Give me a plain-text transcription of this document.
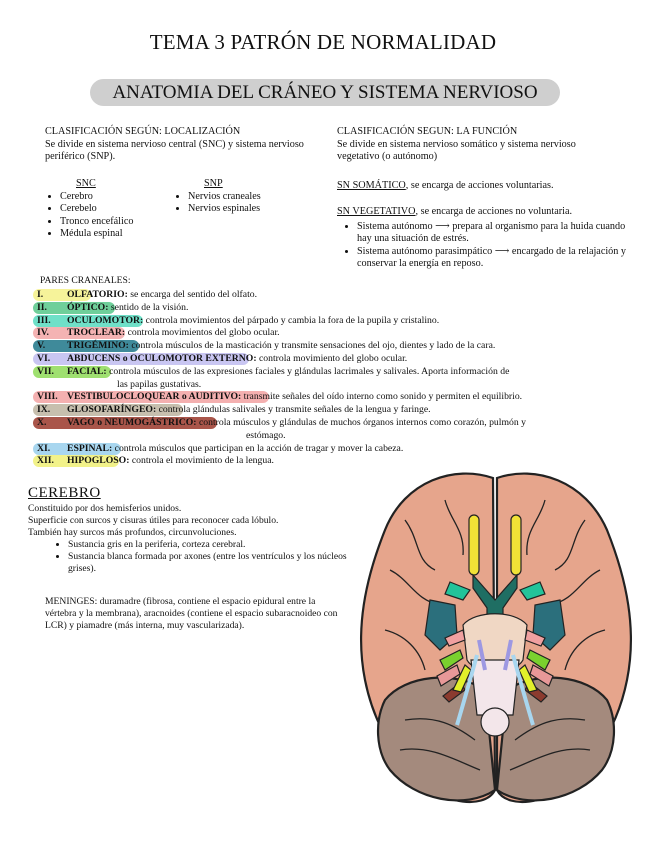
TEMA 3 PATRÓN DE NORMALIDAD
ANATOMIA DEL CRÁNEO Y SISTEMA NERVIOSO
CLASIFICACIÓN SEGÚN: LOCALIZACIÓN
Se divide en sistema nervioso central (SNC) y sistema nervioso periférico (SNP).
SNC
• Cerebro
• Cerebelo
• Tronco encefálico
• Médula espinal
SNP
• Nervios craneales
• Nervios espinales
CLASIFICACIÓN SEGUN: LA FUNCIÓN
Se divide en sistema nervioso somático y sistema nervioso vegetativo (o autónomo)
SN SOMÁTICO, se encarga de acciones voluntarias.
SN VEGETATIVO, se encarga de acciones no voluntaria.
• Sistema autónomo ⟶ prepara al organismo para la huida cuando hay una situación de estrés.
• Sistema autónomo parasimpático ⟶ encargado de la relajación y conservar la energía en reposo.
PARES CRANEALES:
I. OLFATORIO: se encarga del sentido del olfato.
II. ÓPTICO: sentido de la visión.
III. OCULOMOTOR: controla movimientos del párpado y cambia la fora de la pupila y cristalino.
IV. TROCLEAR: controla movimientos del globo ocular.
V. TRIGÉMINO: controla músculos de la masticación y transmite sensaciones del ojo, dientes y lado de la cara.
VI. ABDUCENS o OCULOMOTOR EXTERNO: controla movimiento del globo ocular.
VII. FACIAL: controla músculos de las expresiones faciales y glándulas lacrimales y salivales. Aporta información de
las papilas gustativas.
VIII. VESTIBULOCLOQUEAR o AUDITIVO: transmite señales del oído interno como sonido y permiten el equilibrio.
IX. GLOSOFARÍNGEO: controla glándulas salivales y transmite señales de la lengua y faringe.
X. VAGO o NEUMOGÁSTRICO: controla músculos y glándulas de muchos órganos internos como corazón, pulmón y
estómago.
XI. ESPINAL: controla músculos que participan en la acción de tragar y mover la cabeza.
XII. HIPOGLOSO: controla el movimiento de la lengua.
CEREBRO
Constituido por dos hemisferios unidos.
Superficie con surcos y cisuras útiles para reconocer cada lóbulo.
También hay surcos más profundos, circunvoluciones.
• Sustancia gris en la periferia, corteza cerebral.
• Sustancia blanca formada por axones (entre los ventrículos y los núcleos grises).
MENINGES: duramadre (fibrosa, contiene el espacio epidural entre la vértebra y la membrana), aracnoides (contiene el espacio subaracnoideo con LCR) y piamadre (más interna, muy vascularizada).
